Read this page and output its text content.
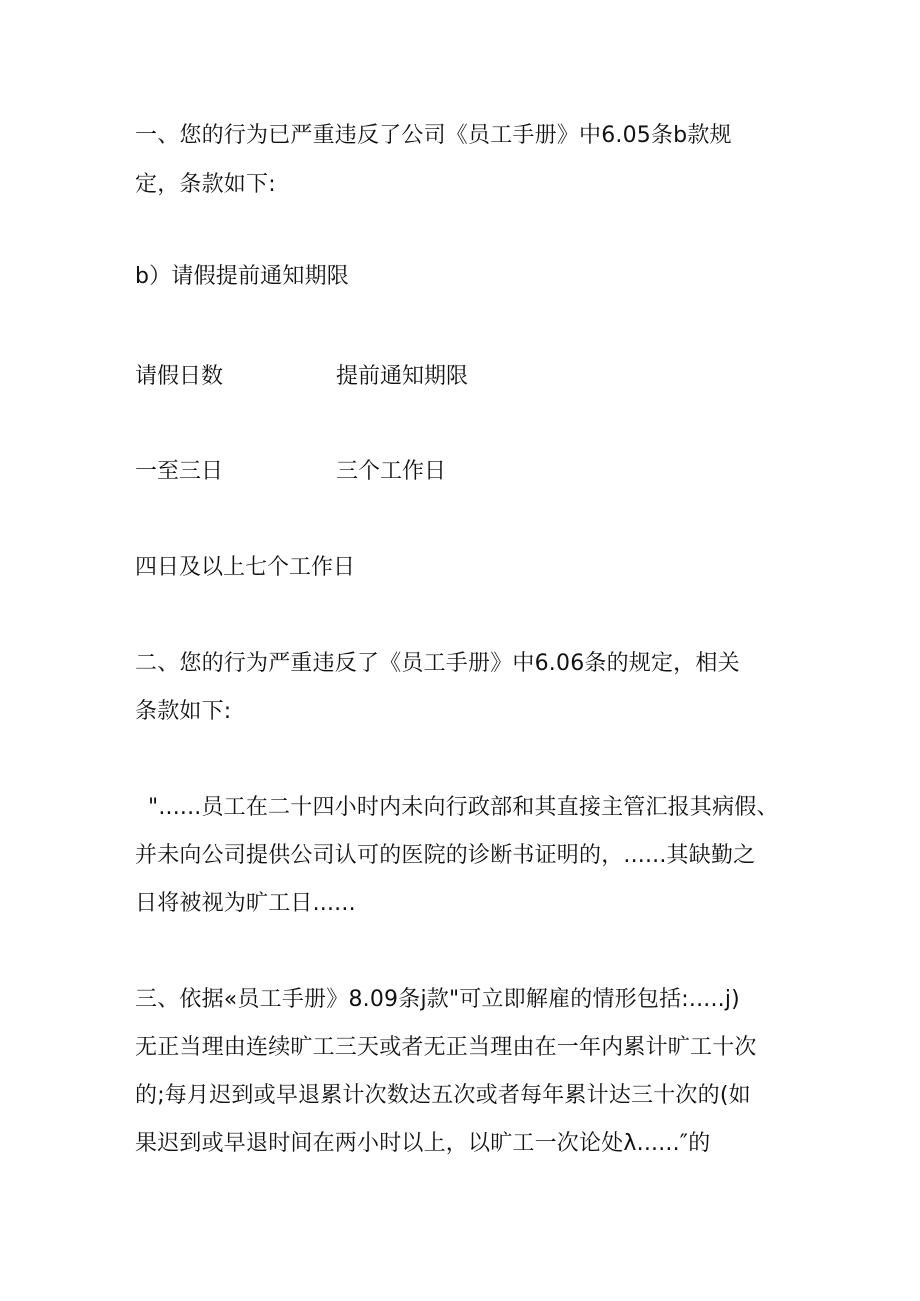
一、您的行为已严重违反了公司《员工手册》中6.05条b款规
定，条款如下:
b）请假提前通知期限
请假日数	提前通知期限
一至三日	三个工作日
四日及以上七个工作日
二、您的行为严重违反了《员工手册》中6.06条的规定，相关
条款如下:
"......员工在二十四小时内未向行政部和其直接主管汇报其病假、
并未向公司提供公司认可的医院的诊断书证明的，......其缺勤之
日将被视为旷工日......
三、依据«员工手册》8.09条j款"可立即解雇的情形包括:.....j)
无正当理由连续旷工三天或者无正当理由在一年内累计旷工十次
的;每月迟到或早退累计次数达五次或者每年累计达三十次的(如
果迟到或早退时间在两小时以上，以旷工一次论处λ......″的
